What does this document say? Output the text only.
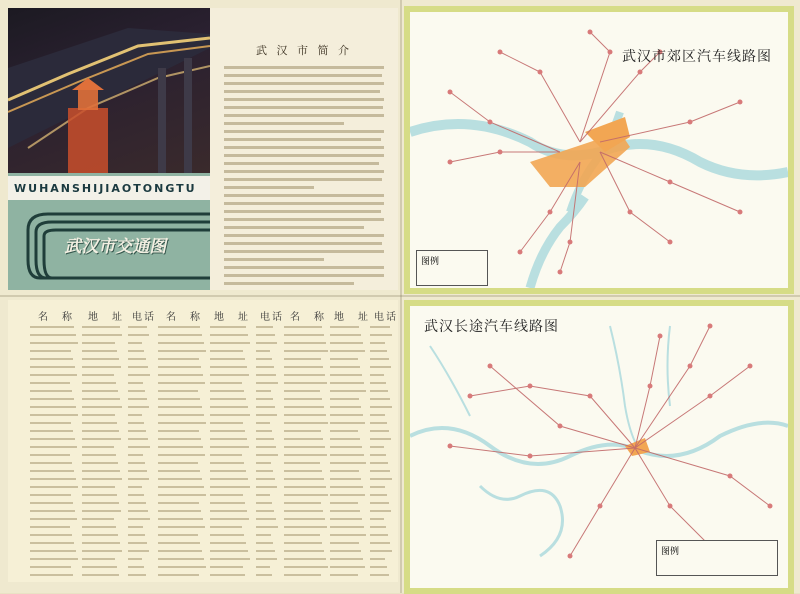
WUHANSHIJIAOTONGTU
武汉市交通图
武 汉 市 简 介
名　称 地　址 电话 名　称 地　址 电话 名　称 地　址 电话
武汉市郊区汽车线路图
图例
武汉长途汽车线路图
图例
